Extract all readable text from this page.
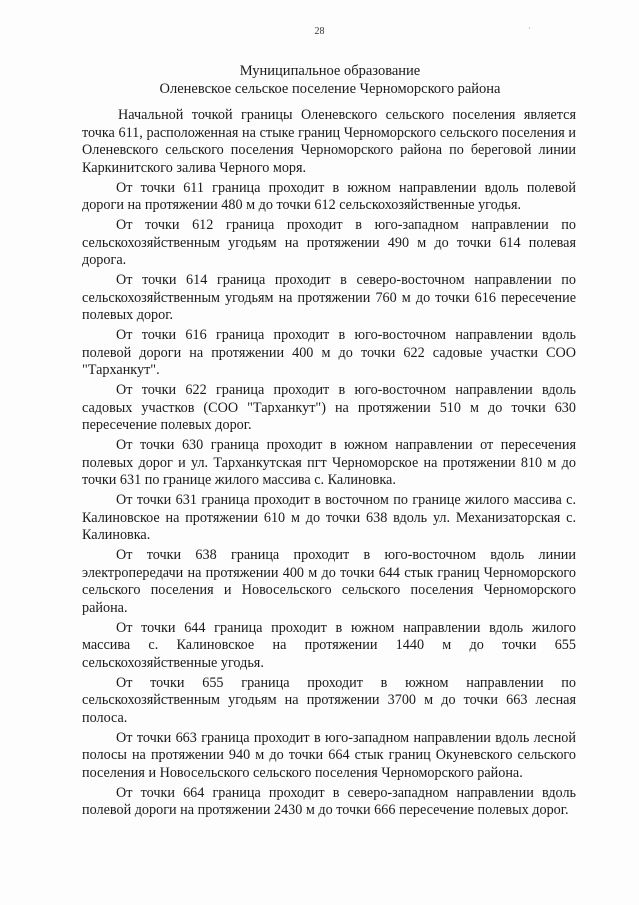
28	·
Муниципальное образование
Оленевское сельское поселение Черноморского района

Начальной точкой границы Оленевского сельского поселения является точка 611, расположенная на стыке границ Черноморского сельского поселения и Оленевского сельского поселения Черноморского района по береговой линии Каркинитского залива Черного моря.

От точки 611 граница проходит в южном направлении вдоль полевой дороги на протяжении 480 м до точки 612 сельскохозяйственные угодья.

От точки 612 граница проходит в юго-западном направлении по сельскохозяйственным угодьям на протяжении 490 м до точки 614 полевая дорога.

От точки 614 граница проходит в северо-восточном направлении по сельскохозяйственным угодьям на протяжении 760 м до точки 616 пересечение полевых дорог.

От точки 616 граница проходит в юго-восточном направлении вдоль полевой дороги на протяжении 400 м до точки 622 садовые участки СОО "Тарханкут".

От точки 622 граница проходит в юго-восточном направлении вдоль садовых участков (СОО "Тарханкут") на протяжении 510 м до точки 630 пересечение полевых дорог.

От точки 630 граница проходит в южном направлении от пересечения полевых дорог и ул. Тарханкутская пгт Черноморское на протяжении 810 м до точки 631 по границе жилого массива с. Калиновка.

От точки 631 граница проходит в восточном по границе жилого массива с. Калиновское на протяжении 610 м до точки 638 вдоль ул. Механизаторская с. Калиновка.

От точки 638 граница проходит в юго-восточном вдоль линии электропередачи на протяжении 400 м до точки 644 стык границ Черноморского сельского поселения и Новосельского сельского поселения Черноморского района.

От точки 644 граница проходит в южном направлении вдоль жилого массива с. Калиновское на протяжении 1440 м до точки 655 сельскохозяйственные угодья.

От точки 655 граница проходит в южном направлении по сельскохозяйственным угодьям на протяжении 3700 м до точки 663 лесная полоса.

От точки 663 граница проходит в юго-западном направлении вдоль лесной полосы на протяжении 940 м до точки 664 стык границ Окуневского сельского поселения и Новосельского сельского поселения Черноморского района.

От точки 664 граница проходит в северо-западном направлении вдоль полевой дороги на протяжении 2430 м до точки 666 пересечение полевых дорог.
